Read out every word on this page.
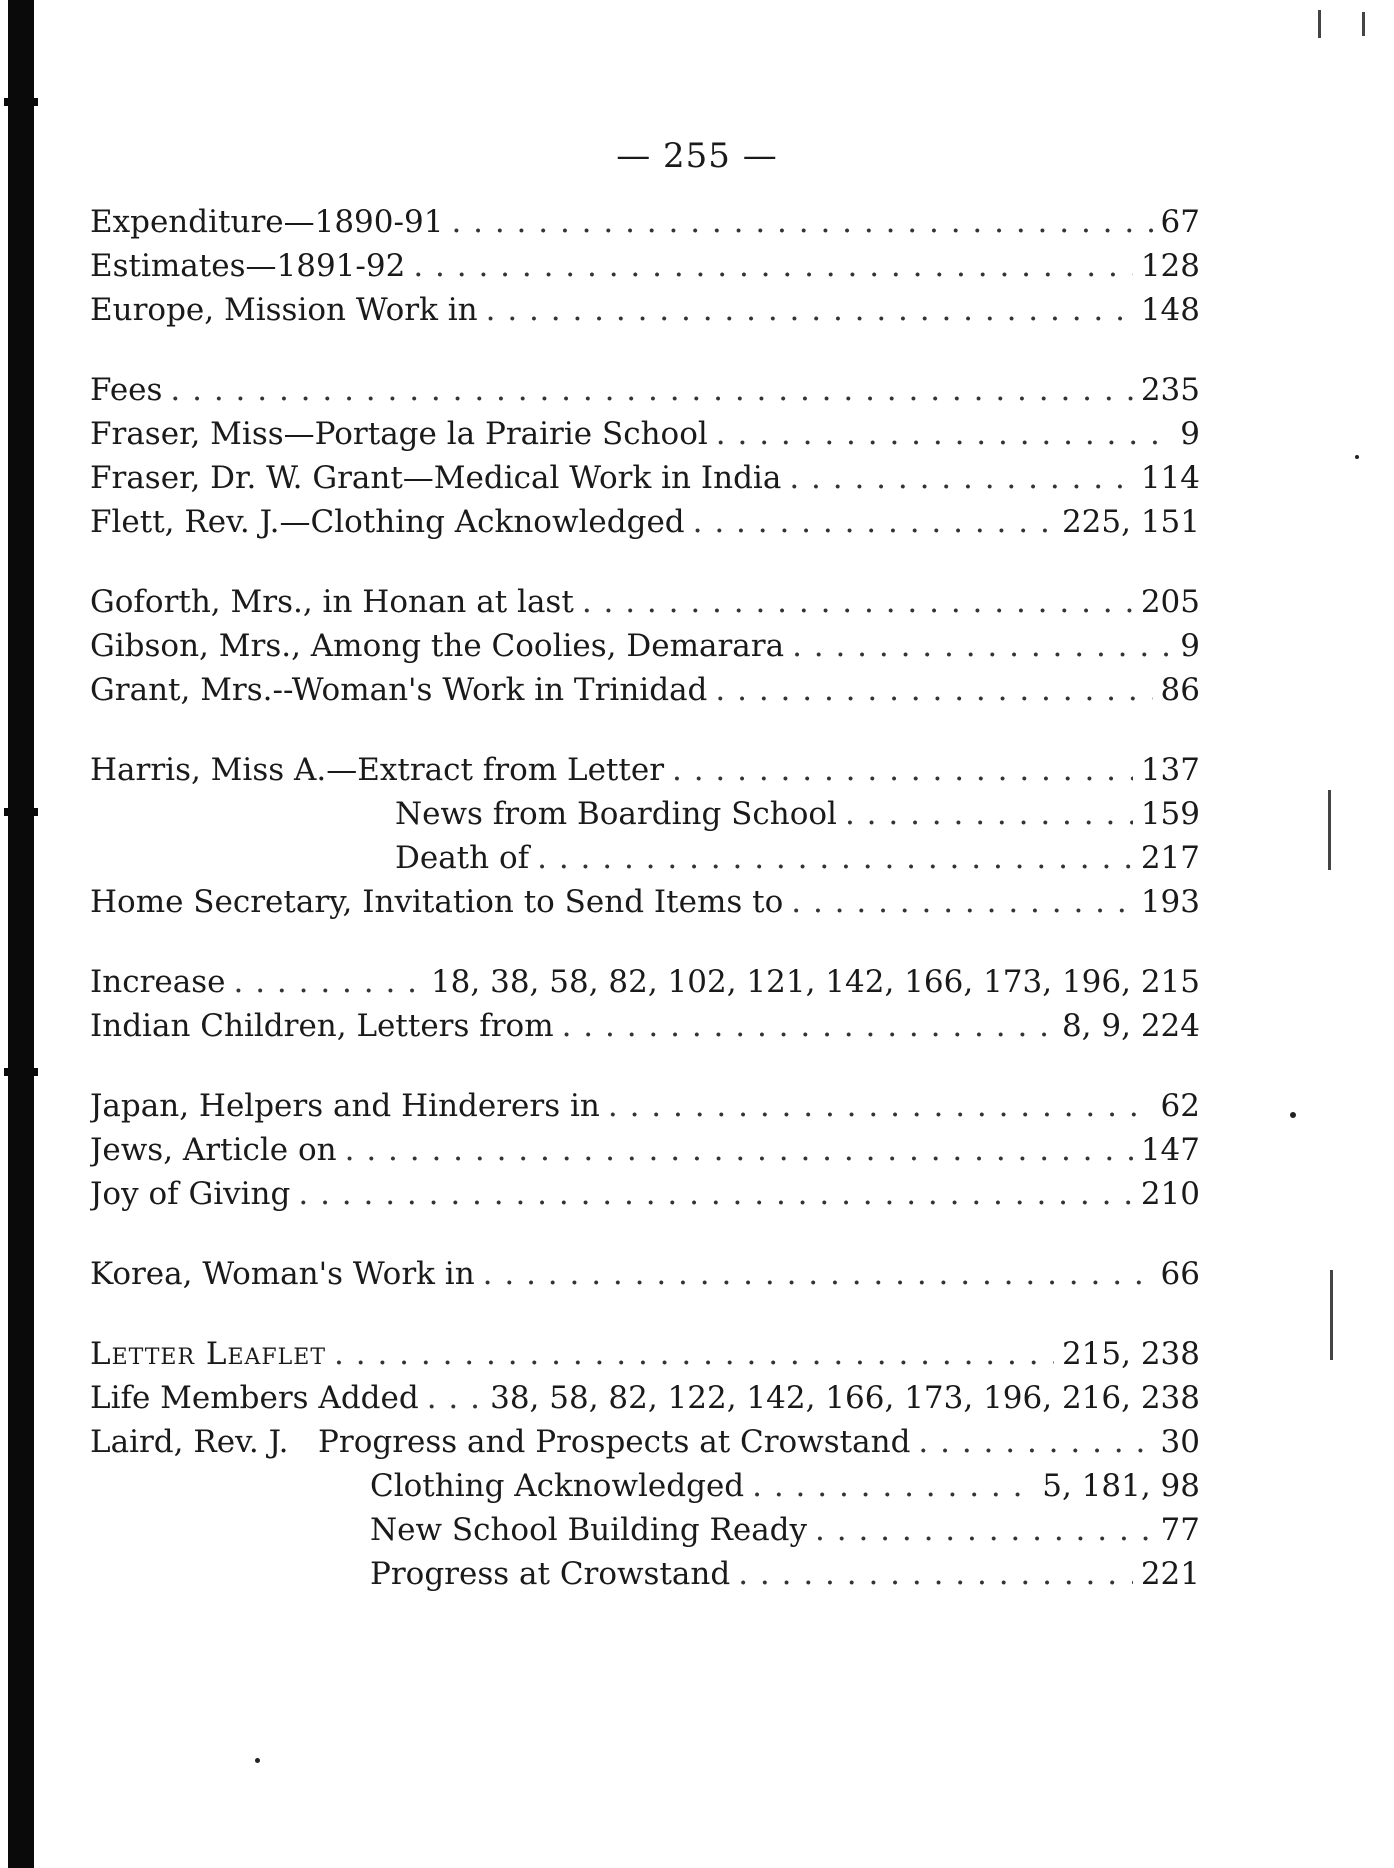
— 255 —
Expenditure—1890-91 . . .	67
Estimates—1891-92 . . .	128
Europe, Mission Work in . . .	148
Fees . . .	235
Fraser, Miss—Portage la Prairie School . . .	9
Fraser, Dr. W. Grant—Medical Work in India . . .	114
Flett, Rev. J.—Clothing Acknowledged . . .	225, 151
Goforth, Mrs., in Honan at last . . .	205
Gibson, Mrs., Among the Coolies, Demarara . . .	9
Grant, Mrs.--Woman's Work in Trinidad . . .	86
Harris, Miss A.—Extract from Letter . . .	137
News from Boarding School . . .	159
Death of . . .	217
Home Secretary, Invitation to Send Items to . . .	193
Increase . . .	18, 38, 58, 82, 102, 121, 142, 166, 173, 196, 215
Indian Children, Letters from . . .	8, 9, 224
Japan, Helpers and Hinderers in . . .	62
Jews, Article on . . .	147
Joy of Giving . . .	210
Korea, Woman's Work in . . .	66
Letter Leaflet . . .	215, 238
Life Members Added . . .	38, 58, 82, 122, 142, 166, 173, 196, 216, 238
Laird, Rev. J. Progress and Prospects at Crowstand . . .	30
Clothing Acknowledged . . .	5, 181, 98
New School Building Ready . . .	77
Progress at Crowstand . . .	221
